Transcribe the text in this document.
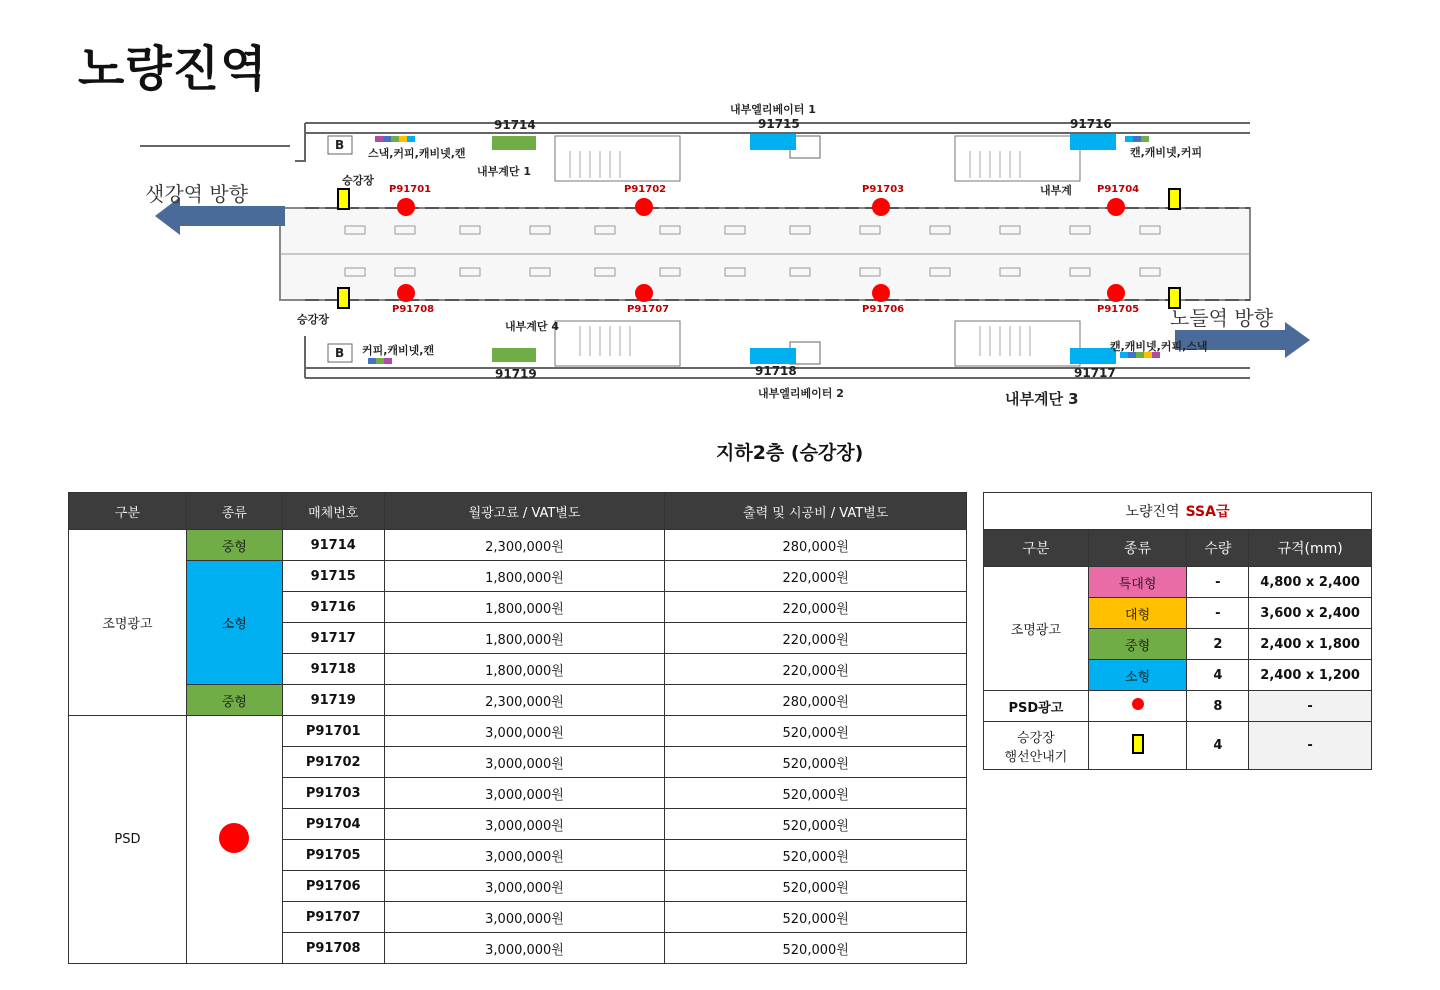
노량진역
샛강역 방향
노들역 방향
B
스낵,커피,캐비넷,캔	캔,캐비넷,커피
내부계단 1
내부엘리베이터 1
내부계
승강장
B 커피,캐비넷,캔	캔,캐비넷,커피,스낵
내부계단 4
내부엘리베이터 2	내부계단 3
승강장
91714	91715	91716
91717
91718
91719
P91701	P91702	P91703	P91704
P91708	P91707	P91706	P91705
지하2층 (승강장)
구분	종류	매체번호	월광고료 / VAT별도	출력 및 시공비 / VAT별도
조명광고	중형	91714	2,300,000원	280,000원
	소형	91715	1,800,000원	220,000원
		91716	1,800,000원	220,000원
		91717	1,800,000원	220,000원
		91718	1,800,000원	220,000원
	중형	91719	2,300,000원	280,000원
PSD		P91701	3,000,000원	520,000원
		P91702	3,000,000원	520,000원
		P91703	3,000,000원	520,000원
		P91704	3,000,000원	520,000원
		P91705	3,000,000원	520,000원
		P91706	3,000,000원	520,000원
		P91707	3,000,000원	520,000원
		P91708	3,000,000원	520,000원
노량진역 SSA급			
구분	종류	수량	규격(mm)
조명광고	특대형	-	4,800 x 2,400
	대형	-	3,600 x 2,400
	중형	2	2,400 x 1,800
	소형	4	2,400 x 1,200
PSD광고		8	-

승강장
행선안내기		4	-
